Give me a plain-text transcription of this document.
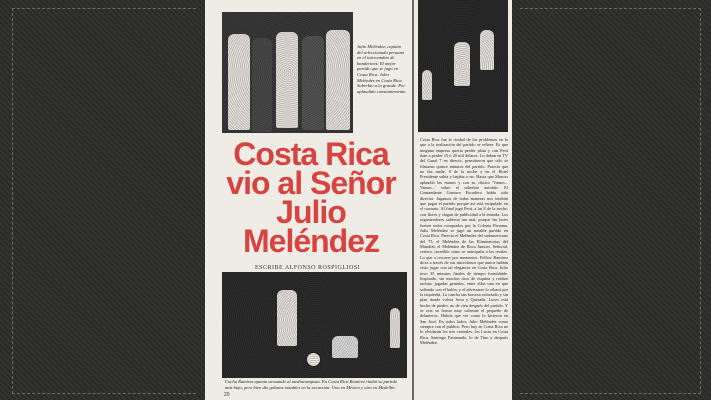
Julio Meléndez, capitán del seleccionado peruano en el intercambio de banderines. El mejor partido que se jugó en Costa Rica. Julio Meléndez en Costa Rica. Soberbio a lo grande. Por aplaudido constantemente.
Cucho Ramírez apunta acosando al mediocampista. En Costa Rica Ramírez rindió su partido más bajo, pero bien dio golazos notables en la excursión. Uno en México y otro en Medellín.
Costa Rica
vio al Señor
Julio
Meléndez
ESCRIBE ALFONSO ROSPIGLIOSI
20
Costa Rica fue la ciudad de los problemas en lo que a la realización del partido se refiere. Es que ninguna empresa quería perder plata y con Perú iban a perder 15 ó 20 mil dólares. Lo daban en TV del Canal 7 en directo, permitieron que sólo se filmaran quince minutos del partido. Parecía que no iba nadie. 8 de la noche y en el Hotel Presidente subía y bajaba o no. Hasta que Marcos aplaudió las manos y con su clásico 'Vamos... Vamos...' sobre el soberbio autobús. El Comandante Gustavo Escudero había sido director. Jugamos de todas maneras nos tendrán que pagar el partido porque así está estipulado en el contrato. Al final jugó Perú, a las 8 de la noche, con flores y slogan de publicidad a la entrada. Los organizadores salieron tan mal, porque las luces fueron todos comprados por la Colonia Peruana. Julio Meléndez se jugó un notable partido en Costa Rica. Parecía el Meléndez del sudamericano del 75, el Meléndez de las Eliminatorias del Mundial, el Meléndez de Boca Juniors. Señorial, certero, increíble cómo se anticipaba a los rivales. Lo que a recorrer por momentos. Fellow Ramírez dicta a través de sus micrófonos que nunca habían visto jugar con tal elegancia en Costa Rica. Julio tuvo 35 minutos finales de tiempo formidable. Inspirado, sin muchos tiros de esquina y realizó incluso jugadas geniales, entre ellas una en que saliendo con el balón, y el adversario lo rebasó por la izquierda. La cancha tan borrosa esforzado y sin plan donde volvía Sosa y Quesada. Luces está hecho de piedra, no de cien después del partido. Y se reía su forma muy solemne el pequeño de delanteros. Habría que ver como lo hicieron en San José. En todos lados, Julio Meléndez como siempre con el público. Pero hoy en Costa Rica no lo olvidarán los tres centrales, los Lucas en Costa Rica, Santiago Fasanando, lo de Tino y después Meléndez.
